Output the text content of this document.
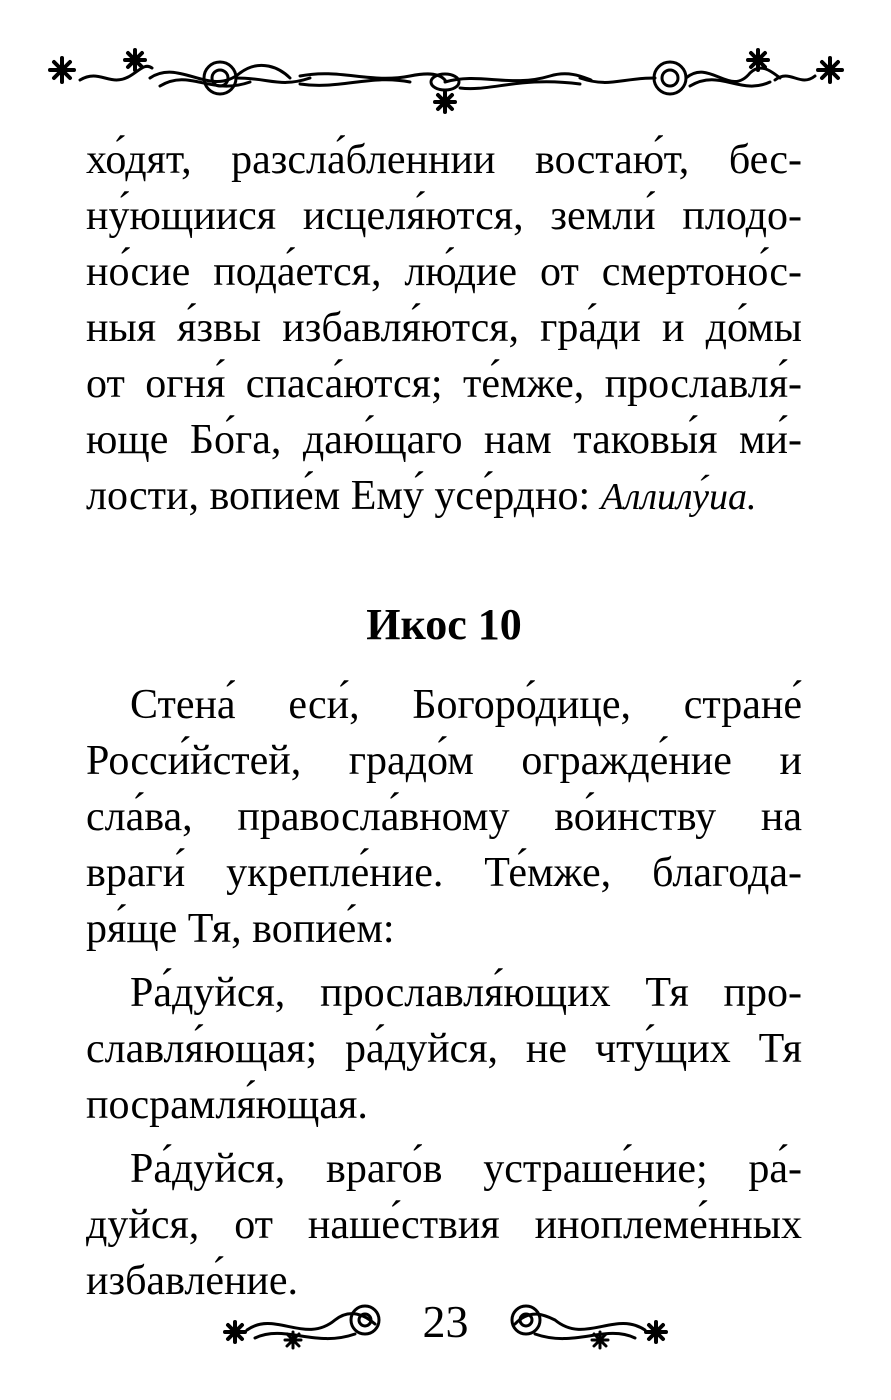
хо́дят, разсла́бленнии востаю́т, бес-
ну́ющиися исцеля́ются, земли́ плодо-
но́сие пода́ется, лю́дие от смертоно́с-
ныя я́звы избавля́ются, гра́ди и до́мы
от огня́ спаса́ются; те́мже, прославля́-
юще Бо́га, даю́щаго нам таковы́я ми́-
лости, вопие́м Ему́ усе́рдно: Аллилу́иа.

Икос 10

Стена́ еси́, Богоро́дице, стране́
Росси́йстей, градо́м огражде́ние и
сла́ва, правосла́вному во́инству на
враги́ укрепле́ние. Те́мже, благода-
ря́ще Тя, вопие́м:

Ра́дуйся, прославля́ющих Тя про-
славля́ющая; ра́дуйся, не чту́щих Тя
посрамля́ющая.

Ра́дуйся, враго́в устраше́ние; ра́-
дуйся, от наше́ствия иноплеме́нных
избавле́ние.

23
